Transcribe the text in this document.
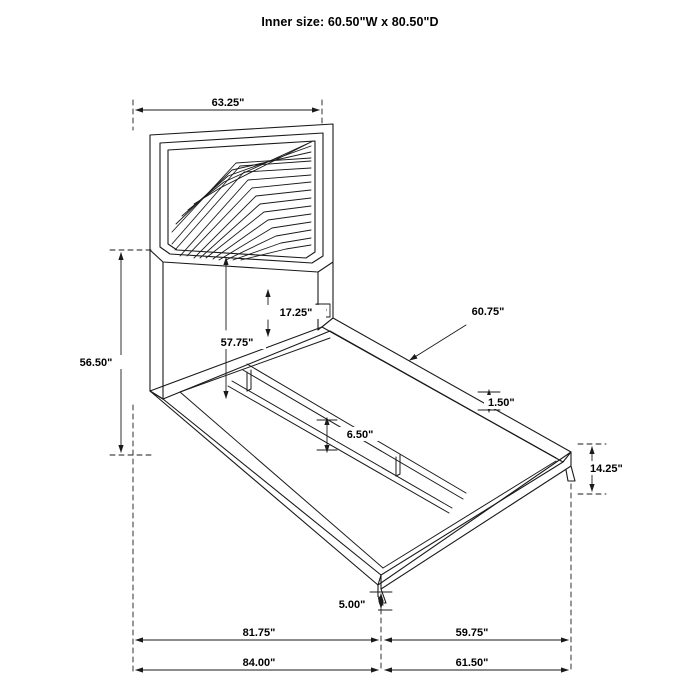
Inner size: 60.50"W x 80.50"D
63.25"
17.25"
57.75"
56.50"
60.75"
1.50"
6.50"
14.25"
5.00"
81.75"	59.75"
84.00"	61.50"
